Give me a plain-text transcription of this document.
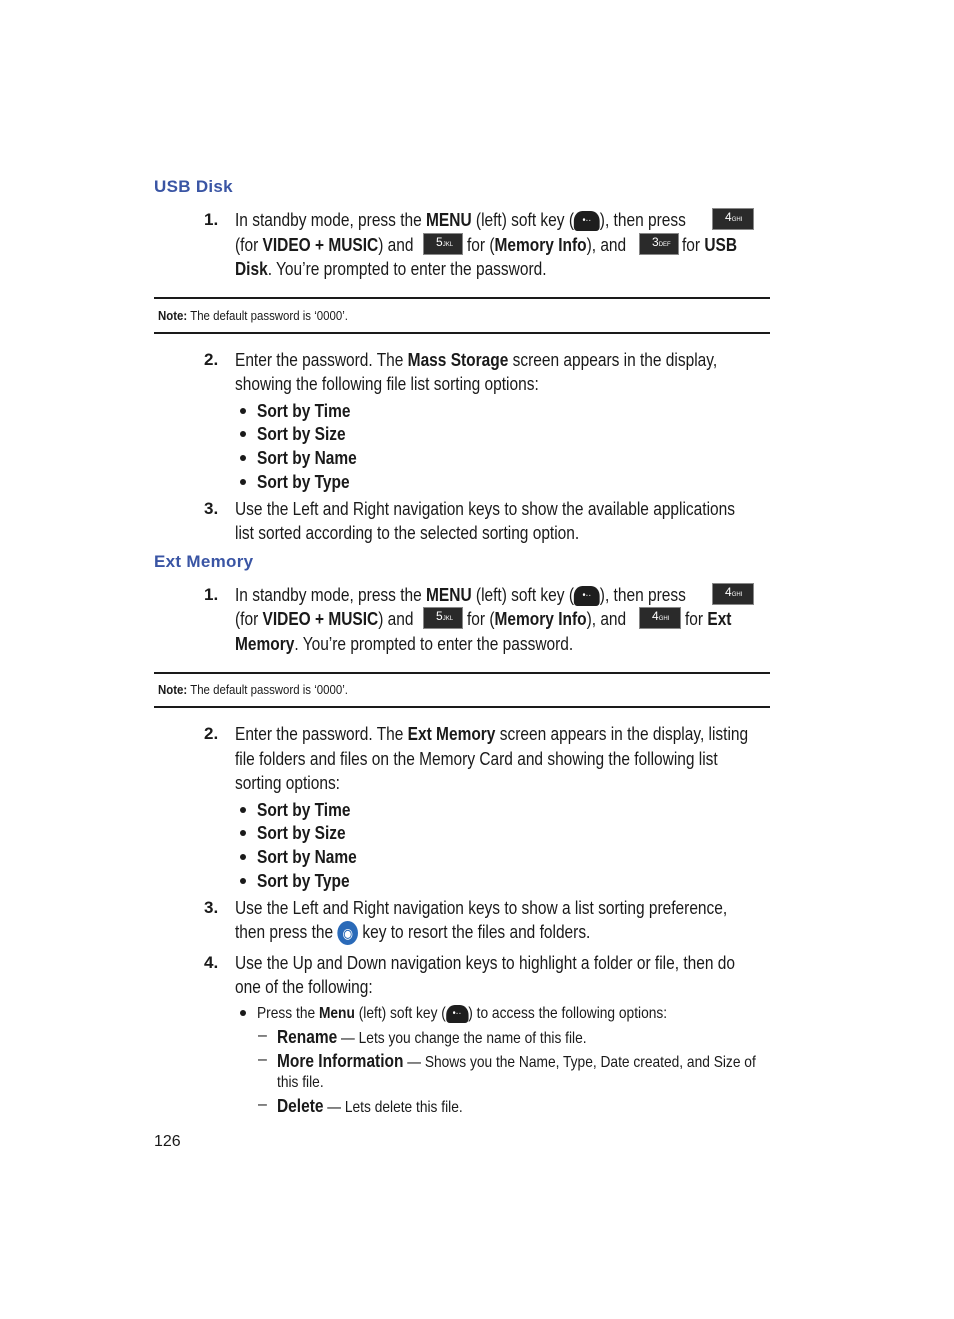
USB Disk
1. In standby mode, press the MENU (left) soft key ( •·· ), then press	4GHI
(for VIDEO + MUSIC) and	5JKL for (Memory Info), and	3DEF for USB
Disk. You’re prompted to enter the password.
Note: The default password is ‘0000’.
2. Enter the password. The Mass Storage screen appears in the display,
showing the following file list sorting options:
Sort by Time
Sort by Size
Sort by Name
Sort by Type
3. Use the Left and Right navigation keys to show the available applications
list sorted according to the selected sorting option.
Ext Memory
1. In standby mode, press the MENU (left) soft key ( •·· ), then press	4GHI
(for VIDEO + MUSIC) and	5JKL for (Memory Info), and	4GHI for Ext
Memory. You’re prompted to enter the password.
Note: The default password is ‘0000’.
2. Enter the password. The Ext Memory screen appears in the display, listing
file folders and files on the Memory Card and showing the following list
sorting options:
Sort by Time
Sort by Size
Sort by Name
Sort by Type
3. Use the Left and Right navigation keys to show a list sorting preference,
then press the ◉ key to resort the files and folders.
4. Use the Up and Down navigation keys to highlight a folder or file, then do
one of the following:
Press the Menu (left) soft key ( •·· ) to access the following options:
– Rename — Lets you change the name of this file.
– More Information — Shows you the Name, Type, Date created, and Size of
this file.
– Delete — Lets delete this file.
126
